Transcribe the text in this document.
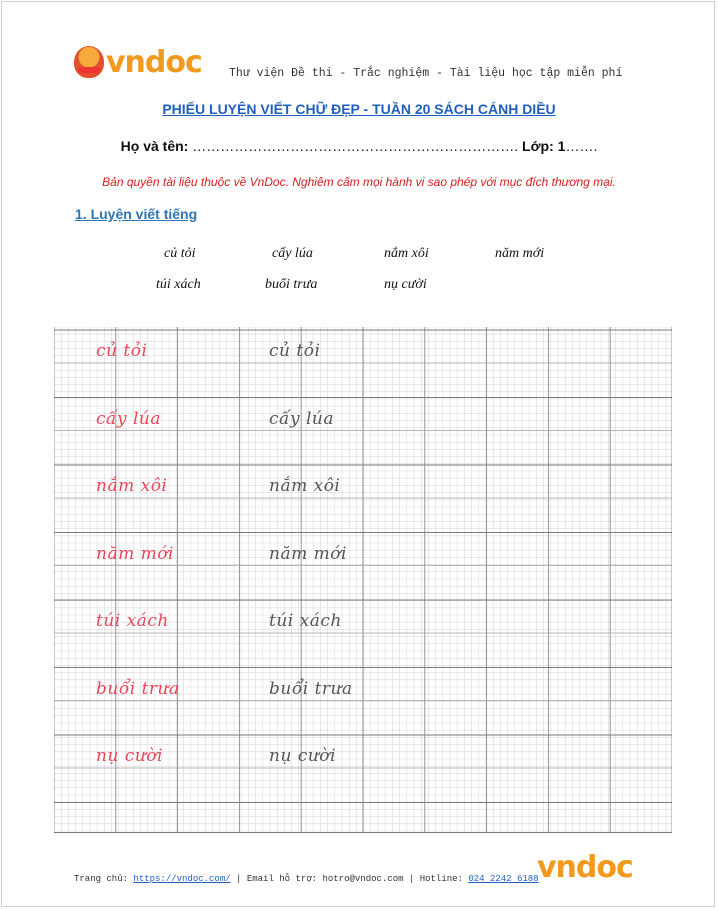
vndoc Thư viện Đề thi - Trắc nghiệm - Tài liệu học tập miễn phí
PHIẾU LUYỆN VIẾT CHỮ ĐẸP - TUẦN 20 SÁCH CÁNH DIỀU
Họ và tên: ……………………………………………………………. Lớp: 1…….
Bản quyền tài liệu thuộc về VnDoc. Nghiêm cấm mọi hành vi sao phép với mục đích thương mại.
1. Luyện viết tiếng
củ tỏi	cấy lúa	nắm xôi	năm mới
túi xách	buổi trưa	nụ cười
củ tỏi	củ tỏi
cấy lúa	cấy lúa
nắm xôi	nắm xôi
năm mới	năm mới
túi xách	túi xách
buổi trưa	buổi trưa
nụ cười	nụ cười
Trang chủ: https://vndoc.com/ | Email hỗ trợ: hotro@vndoc.com | Hotline: 024 2242 6188
vndoc
